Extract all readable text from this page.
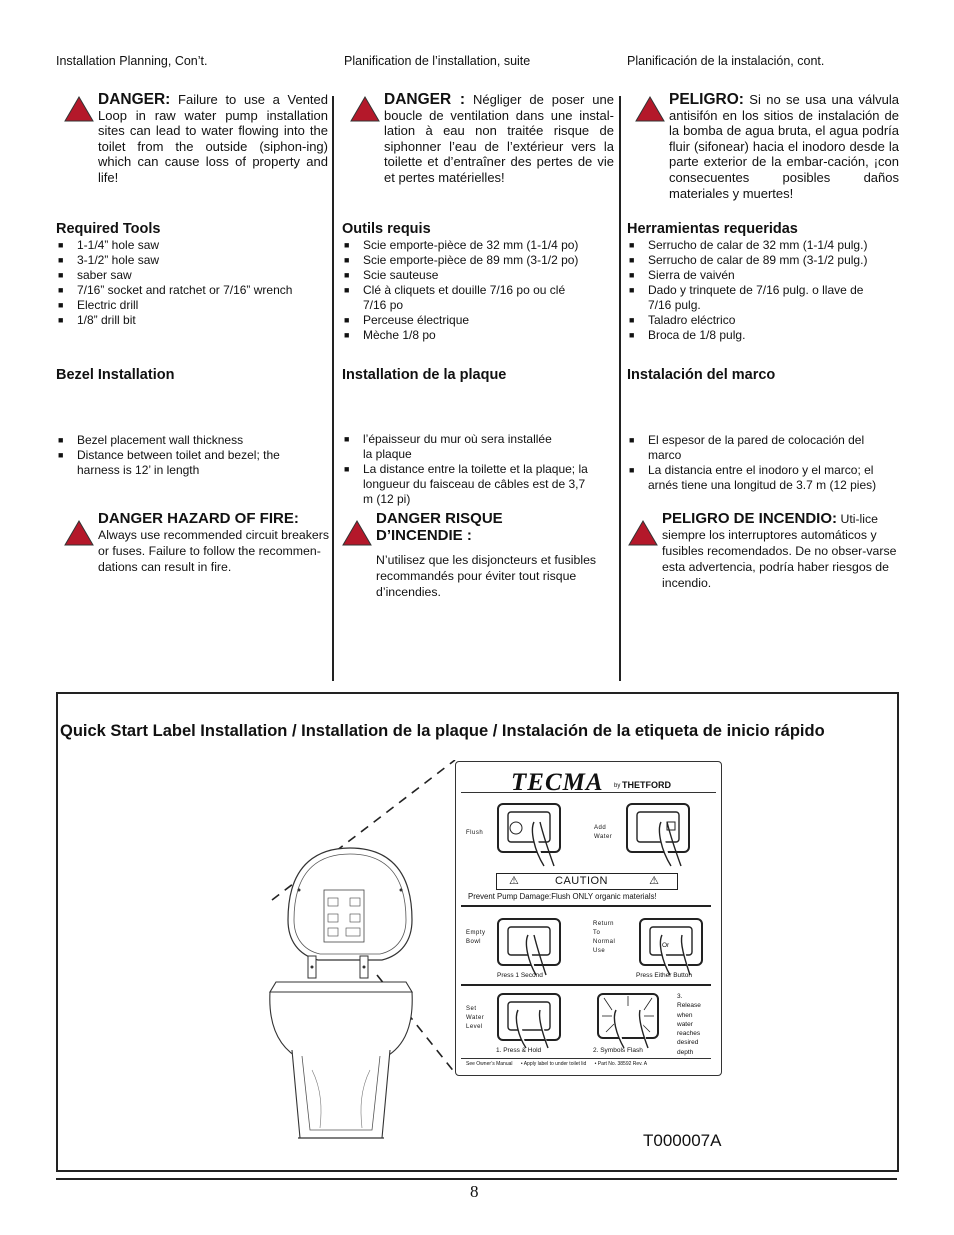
Installation Planning, Con’t.	Planification de l’installation, suite	Planificación de la instalación, cont.
DANGER: Failure to use a Vented Loop in raw water pump installation sites can lead to water flowing into the toilet from the outside (siphon-ing) which can cause loss of property and life!
DANGER : Négliger de poser une boucle de ventilation dans une instal-lation à eau non traitée risque de siphonner l’eau de l’extérieur vers la toilette et d’entraîner des pertes de vie et pertes matérielles!
PELIGRO: Si no se usa una válvula antisifón en los sitios de instalación de la bomba de agua bruta, el agua podría fluir (sifonear) hacia el inodoro desde la parte exterior de la embar-cación, ¡con consecuentes posibles daños materiales y muertes!
Required Tools
■ 1-1/4” hole saw
■ 3-1/2” hole saw
■ saber saw
■ 7/16” socket and ratchet or 7/16” wrench
■ Electric drill
■ 1/8” drill bit
Outils requis
■ Scie emporte-pièce de 32 mm (1-1/4 po)
■ Scie emporte-pièce de 89 mm (3-1/2 po)
■ Scie sauteuse
■ Clé à cliquets et douille 7/16 po ou clé 7/16 po
■ Perceuse électrique
■ Mèche 1/8 po
Herramientas requeridas
■ Serrucho de calar de 32 mm (1-1/4 pulg.)
■ Serrucho de calar de 89 mm (3-1/2 pulg.)
■ Sierra de vaivén
■ Dado y trinquete de 7/16 pulg. o llave de 7/16 pulg.
■ Taladro eléctrico
■ Broca de 1/8 pulg.
Bezel Installation
■ Bezel placement wall thickness
■ Distance between toilet and bezel; the harness is 12’ in length
Installation de la plaque
■ l’épaisseur du mur où sera installée la plaque
■ La distance entre la toilette et la plaque; la longueur du faisceau de câbles est de 3,7 m (12 pi)
Instalación del marco
■ El espesor de la pared de colocación del marco
■ La distancia entre el inodoro y el marco; el arnés tiene una longitud de 3.7 m (12 pies)
DANGER HAZARD OF FIRE:
Always use recommended circuit breakers or fuses. Failure to follow the recommen-dations can result in fire.
DANGER RISQUE D’INCENDIE :
N’utilisez que les disjoncteurs et fusibles recommandés pour éviter tout risque d’incendies.
PELIGRO DE INCENDIO: Uti-lice siempre los interruptores automáticos y fusibles recomendados. De no obser-varse esta advertencia, podría haber riesgos de incendio.
Quick Start Label Installation / Installation de la plaque / Instalación de la etiqueta de inicio rápido
TECMA by THETFORD
Flush
Add
Water
⚠	CAUTION	⚠
Prevent Pump Damage:Flush ONLY organic materials!
Empty
Bowl
Return
To
Normal
Use
Or
Press 1 Second	Press Either Button
Set
Water
Level
3.
Release
when
water
reaches
desired
depth
1. Press & Hold	2. Symbols Flash
See Owner’s Manual • Apply label to under toilet lid • Part No. 38592 Rev. A
T000007A
8
